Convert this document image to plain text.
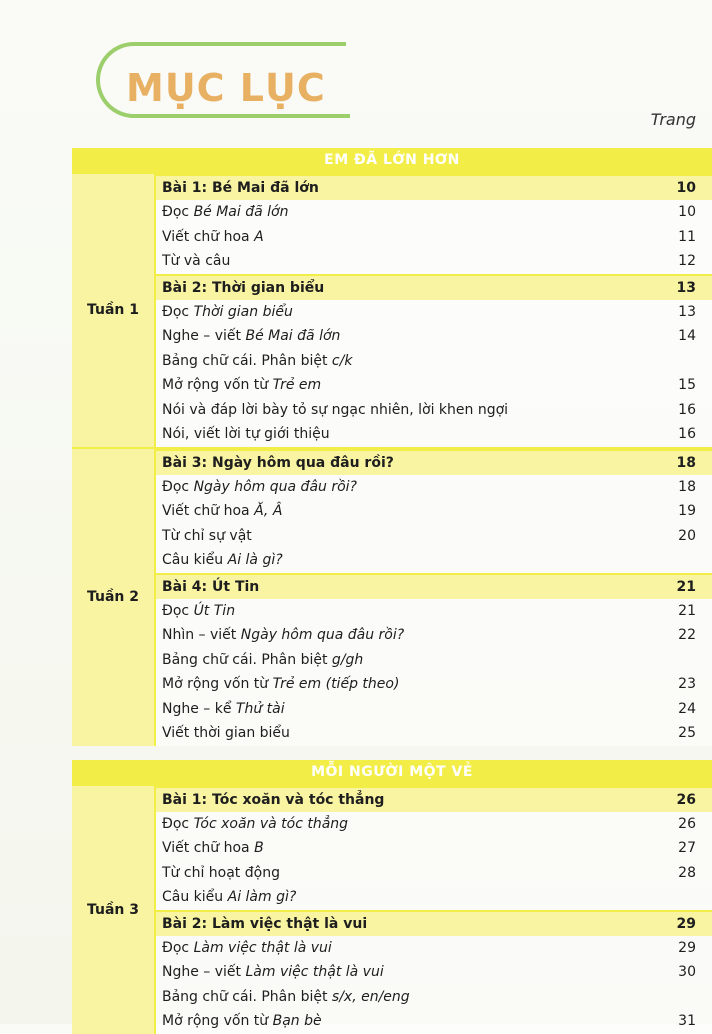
MỤC LỤC
Trang
EM ĐÃ LỚN HƠN
Tuần 1
Bài 1: Bé Mai đã lớn	10
Đọc Bé Mai đã lớn	10
Viết chữ hoa A	11
Từ và câu	12
Bài 2: Thời gian biểu	13
Đọc Thời gian biểu	13
Nghe – viết Bé Mai đã lớn	14
Bảng chữ cái. Phân biệt c/k
Mở rộng vốn từ Trẻ em	15
Nói và đáp lời bày tỏ sự ngạc nhiên, lời khen ngợi	16
Nói, viết lời tự giới thiệu	16
Tuần 2
Bài 3: Ngày hôm qua đâu rồi?	18
Đọc Ngày hôm qua đâu rồi?	18
Viết chữ hoa Ă, Â	19
Từ chỉ sự vật	20
Câu kiểu Ai là gì?
Bài 4: Út Tin	21
Đọc Út Tin	21
Nhìn – viết Ngày hôm qua đâu rồi?	22
Bảng chữ cái. Phân biệt g/gh
Mở rộng vốn từ Trẻ em (tiếp theo)	23
Nghe – kể Thử tài	24
Viết thời gian biểu	25
MỖI NGƯỜI MỘT VẺ
Tuần 3
Bài 1: Tóc xoăn và tóc thẳng	26
Đọc Tóc xoăn và tóc thẳng	26
Viết chữ hoa B	27
Từ chỉ hoạt động	28
Câu kiểu Ai làm gì?
Bài 2: Làm việc thật là vui	29
Đọc Làm việc thật là vui	29
Nghe – viết Làm việc thật là vui	30
Bảng chữ cái. Phân biệt s/x, en/eng
Mở rộng vốn từ Bạn bè	31
